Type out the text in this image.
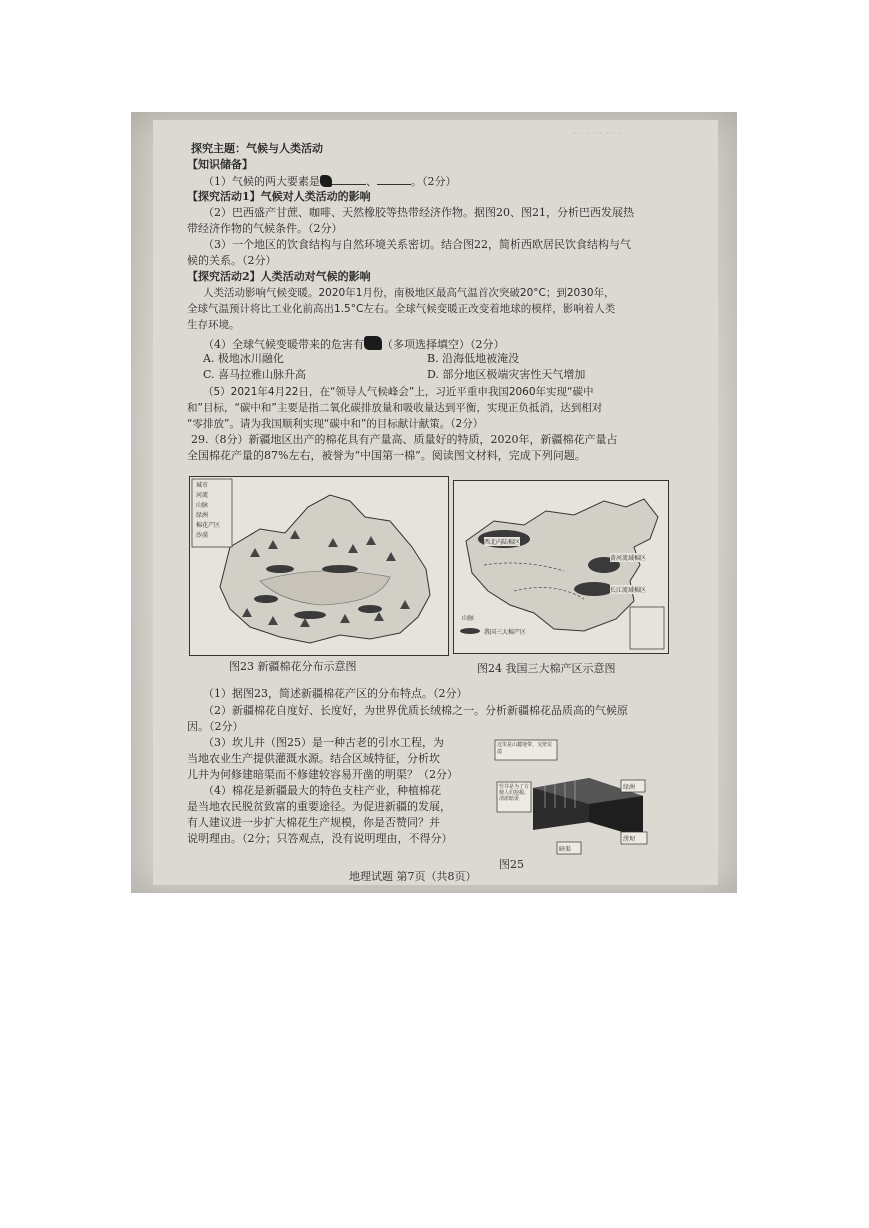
- - - - - - - -
探究主题：气候与人类活动
【知识储备】
（1）气候的两大要素是	、	。（2分）
【探究活动1】气候对人类活动的影响
（2）巴西盛产甘蔗、咖啡、天然橡胶等热带经济作物。据图20、图21，分析巴西发展热
带经济作物的气候条件。（2分）
（3）一个地区的饮食结构与自然环境关系密切。结合图22，简析西欧居民饮食结构与气
候的关系。（2分）
【探究活动2】人类活动对气候的影响
人类活动影响气候变暖。2020年1月份，南极地区最高气温首次突破20°C；到2030年，
全球气温预计将比工业化前高出1.5°C左右。全球气候变暖正改变着地球的模样，影响着人类
生存环境。
（4）全球气候变暖带来的危害有 （多项选择填空）（2分）
A. 极地冰川融化	B. 沿海低地被淹没
C. 喜马拉雅山脉升高	D. 部分地区极端灾害性天气增加
（5）2021年4月22日，在“领导人气候峰会”上，习近平重申我国2060年实现“碳中
和”目标，“碳中和”主要是指二氧化碳排放量和吸收量达到平衡，实现正负抵消，达到相对
“零排放”。请为我国顺利实现“碳中和”的目标献计献策。（2分）
29.（8分）新疆地区出产的棉花具有产量高、质量好的特质，2020年，新疆棉花产量占
全国棉花产量的87%左右，被誉为“中国第一棉”。阅读图文材料，完成下列问题。
城市
河流
山脉
绿洲
棉花产区
沙漠
图23 新疆棉花分布示意图
西北内陆棉区
黄河流域棉区
长江流域棉区
山脉
我国三大棉产区
图24 我国三大棉产区示意图
（1）据图23，简述新疆棉花产区的分布特点。（2分）
（2）新疆棉花自度好、长度好，为世界优质长绒棉之一。分析新疆棉花品质高的气候原
因。（2分）
（3）坎儿井（图25）是一种古老的引水工程，为
当地农业生产提供灌溉水源。结合区域特征，分析坎
儿井为何修建暗渠而不修建较容易开凿的明渠？（2分）
（4）棉花是新疆最大的特色支柱产业，种植棉花
是当地农民脱贫致富的重要途径。为促进新疆的发展，
有人建议进一步扩大棉花生产规模，你是否赞同？并
说明理由。（2分；只答观点，没有说明理由，不得分）
这里是山麓地带，戈壁荒漠
竖井是为了方便人们挖掘、清淤暗渠
暗渠
涝坝
绿洲
图25
地理试题 第7页（共8页）
